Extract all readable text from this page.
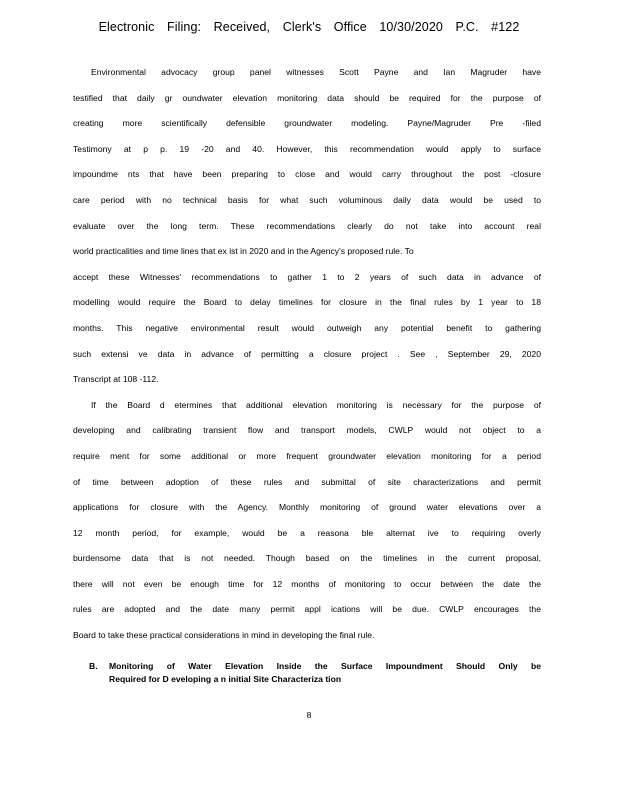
Electronic Filing: Received, Clerk's Office 10/30/2020 P.C. #122
Environmental advocacy group panel witnesses Scott Payne and Ian Magruder have
testified that daily gr oundwater elevation monitoring data should be required for the purpose of
creating more scientifically defensible groundwater modeling. Payne/Magruder Pre -filed
Testimony at p p. 19 -20 and 40. However, this recommendation would apply to surface
impoundme nts that have been preparing to close and would carry throughout the post -closure
care period with no technical basis for what such voluminous daily data would be used to
evaluate over the long term. These recommendations clearly do not take into account real
world practicalities and time lines that ex ist in 2020 and in the Agency's proposed rule. To
accept these Witnesses' recommendations to gather 1 to 2 years of such data in advance of
modelling would require the Board to delay timelines for closure in the final rules by 1 year to 18
months. This negative environmental result would outweigh any potential benefit to gathering
such extensi ve data in advance of permitting a closure project . See , September 29, 2020
Transcript at 108 -112.
If the Board d etermines that additional elevation monitoring is necessary for the purpose of
developing and calibrating transient flow and transport models, CWLP would not object to a
require ment for some additional or more frequent groundwater elevation monitoring for a period
of time between adoption of these rules and submittal of site characterizations and permit
applications for closure with the Agency. Monthly monitoring of ground water elevations over a
12 month period, for example, would be a reasona ble alternat ive to requiring overly
burdensome data that is not needed. Though based on the timelines in the current proposal,
there will not even be enough time for 12 months of monitoring to occur between the date the
rules are adopted and the date many permit appl ications will be due. CWLP encourages the
Board to take these practical considerations in mind in developing the final rule.
B.	Monitoring of Water Elevation Inside the Surface Impoundment Should Only be
Required for D eveloping a n initial Site Characteriza tion
8
